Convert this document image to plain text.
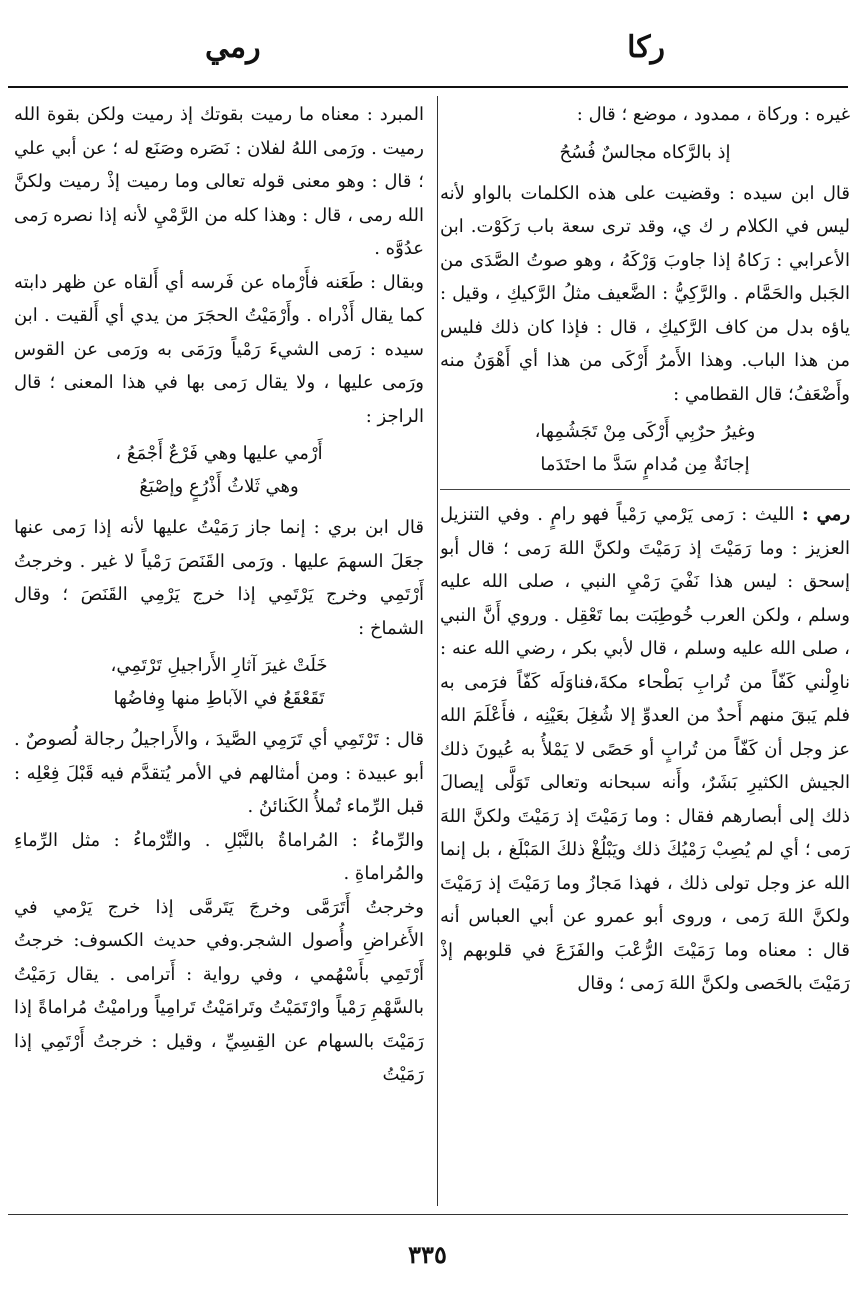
ركا
رمي

غيره : وركاة ، ممدود ، موضع ؛ قال :

إذ بالرَّكاه مجالسٌ فُسُحُ

قال ابن سيده : وقضيت على هذه الكلمات بالواو لأنه ليس في الكلام ر ك ي، وقد ترى سعة باب رَكَوْت. ابن الأعرابي : رَكاهُ إذا جاوبَ وَرْكَهُ ، وهو صوتُ الصَّدَى من الجَبل والحَمَّام . والرَّكِيُّ : الضَّعيف مثلُ الرَّكيكِ ، وقيل : ياؤه بدل من كاف الرَّكيكِ ، قال : فإذا كان ذلك فليس من هذا الباب. وهذا الأَمرُ أَرْكَى من هذا أي أَهْوَنُ منه وأَضْعَفُ؛ قال القطامي :

وغيرُ حرٌبِي أَرْكَى مِنْ تَجَشُمِها،
إجانَةٌ مِن مُدامٍ سَدَّ ما احتَدَما

رمي : الليث : رَمى يَرْمي رَمْياً فهو رامٍ . وفي التنزيل العزيز : وما رَمَيْتَ إذ رَمَيْتَ ولكنَّ اللهَ رَمى ؛ قال أبو إسحق : ليس هذا نَفْيَ رَمْيِ النبي ، صلى الله عليه وسلم ، ولكن العرب خُوطِبَت بما تَعْقِل . وروي أَنَّ النبي ، صلى الله عليه وسلم ، قال لأبي بكر ، رضي الله عنه : ناوِلْني كَفّاً من تُرابِ بَطْحاء مكةَ،فناوَلَه كَفّاً فرَمى به فلم يَبقَ منهم أَحدٌ من العدوِّ إلا شُغِلَ بعَيْنِه ، فأَعْلَمَ الله عز وجل أن كَفّاً من تُرابٍ أو حَصًى لا يَمْلأُ به عُيونَ ذلك الجيش الكثيرِ بَشَرٌ، وأَنه سبحانه وتعالى تَوَلَّى إيصالَ ذلك إلى أبصارهم فقال : وما رَمَيْتَ إذ رَمَيْتَ ولكنَّ اللهَ رَمى ؛ أي لم يُصِبْ رَمْيُكَ ذلك ويَبْلُغْ ذلكَ المَبْلَغ ، بل إنما الله عز وجل تولى ذلك ، فهذا مَجازُ وما رَمَيْتَ إذ رَمَيْتَ ولكنَّ اللهَ رَمى ، وروى أبو عمرو عن أبي العباس أنه قال : معناه وما رَمَيْتَ الرُّعْبَ والفَزَعَ في قلوبهم إذْ رَمَيْتَ بالحَصى ولكنَّ اللهَ رَمى ؛ وقال

المبرد : معناه ما رميت بقوتك إذ رميت ولكن بقوة الله رميت . ورَمى اللهُ لفلان : نَصَره وصَنَع له ؛ عن أبي علي ؛ قال : وهو معنى قوله تعالى وما رميت إذْ رميت ولكنَّ الله رمى ، قال : وهذا كله من الرَّمْيِ لأنه إذا نصره رَمى عدُوَّه .

وبقال : طَعَنه فأَرْماه عن فَرسه أي أَلقاه عن ظهر دابته كما يقال أَذْراه . وأَرْمَيْتُ الحجَرَ من يدي أي أَلقيت . ابن سيده : رَمى الشيءَ رَمْياً ورَمَى به ورَمى عن القوس ورَمى عليها ، ولا يقال رَمى بها في هذا المعنى ؛ قال الراجز :

أَرْمي عليها وهي فَرْعٌ أَجْمَعُ ،
وهي ثَلاثُ أَذْرُعٍ وإصْبَعُ

قال ابن بري : إنما جاز رَمَيْتُ عليها لأنه إذا رَمى عنها جعَلَ السهمَ عليها . ورَمى القَنَصَ رَمْياً لا غير . وخرجتُ أَرْتَمِي وخرج يَرْتَمِي إذا خرج يَرْمِي القَنَصَ ؛ وقال الشماخ :

خَلَتْ غيرَ آثارِ الأَراجيلِ تَرْتَمِي،
تَقَعْقَعُ في الآباطِ منها وِفاضُها

قال : تَرْتَمِي أي تَرَمِي الصَّيدَ ، والأَراجيلُ رجالة لُصوصٌ . أبو عبيدة : ومن أمثالهم في الأمر يُتقدَّم فيه قَبْلَ فِعْلِه : قبل الرِّماء تُملأُ الكَنائنُ .

والرِّماءُ : المُراماةُ بالنَّبْلِ . والتِّرْماءُ : مثل الرِّماءِ والمُراماةِ .

وخرجتُ أَتَرَمَّى وخرجَ يَتَرمَّى إذا خرج يَرْمي في الأَغراضِ وأُصول الشجر.وفي حديث الكسوف: خرجتُ أَرْتَمِي بأَسْهُمي ، وفي رواية : أَترامى . يقال رَمَيْتُ بالسَّهْمِ رَمْياً وارْتَمَيْتُ وتَرامَيْتُ تَرامِياً وراميْتُ مُراماةً إذا رَمَيْتَ بالسهام عن القِسِيِّ ، وقيل : خرجتُ أَرْتَمِي إذا رَمَيْتُ

٣٣٥
